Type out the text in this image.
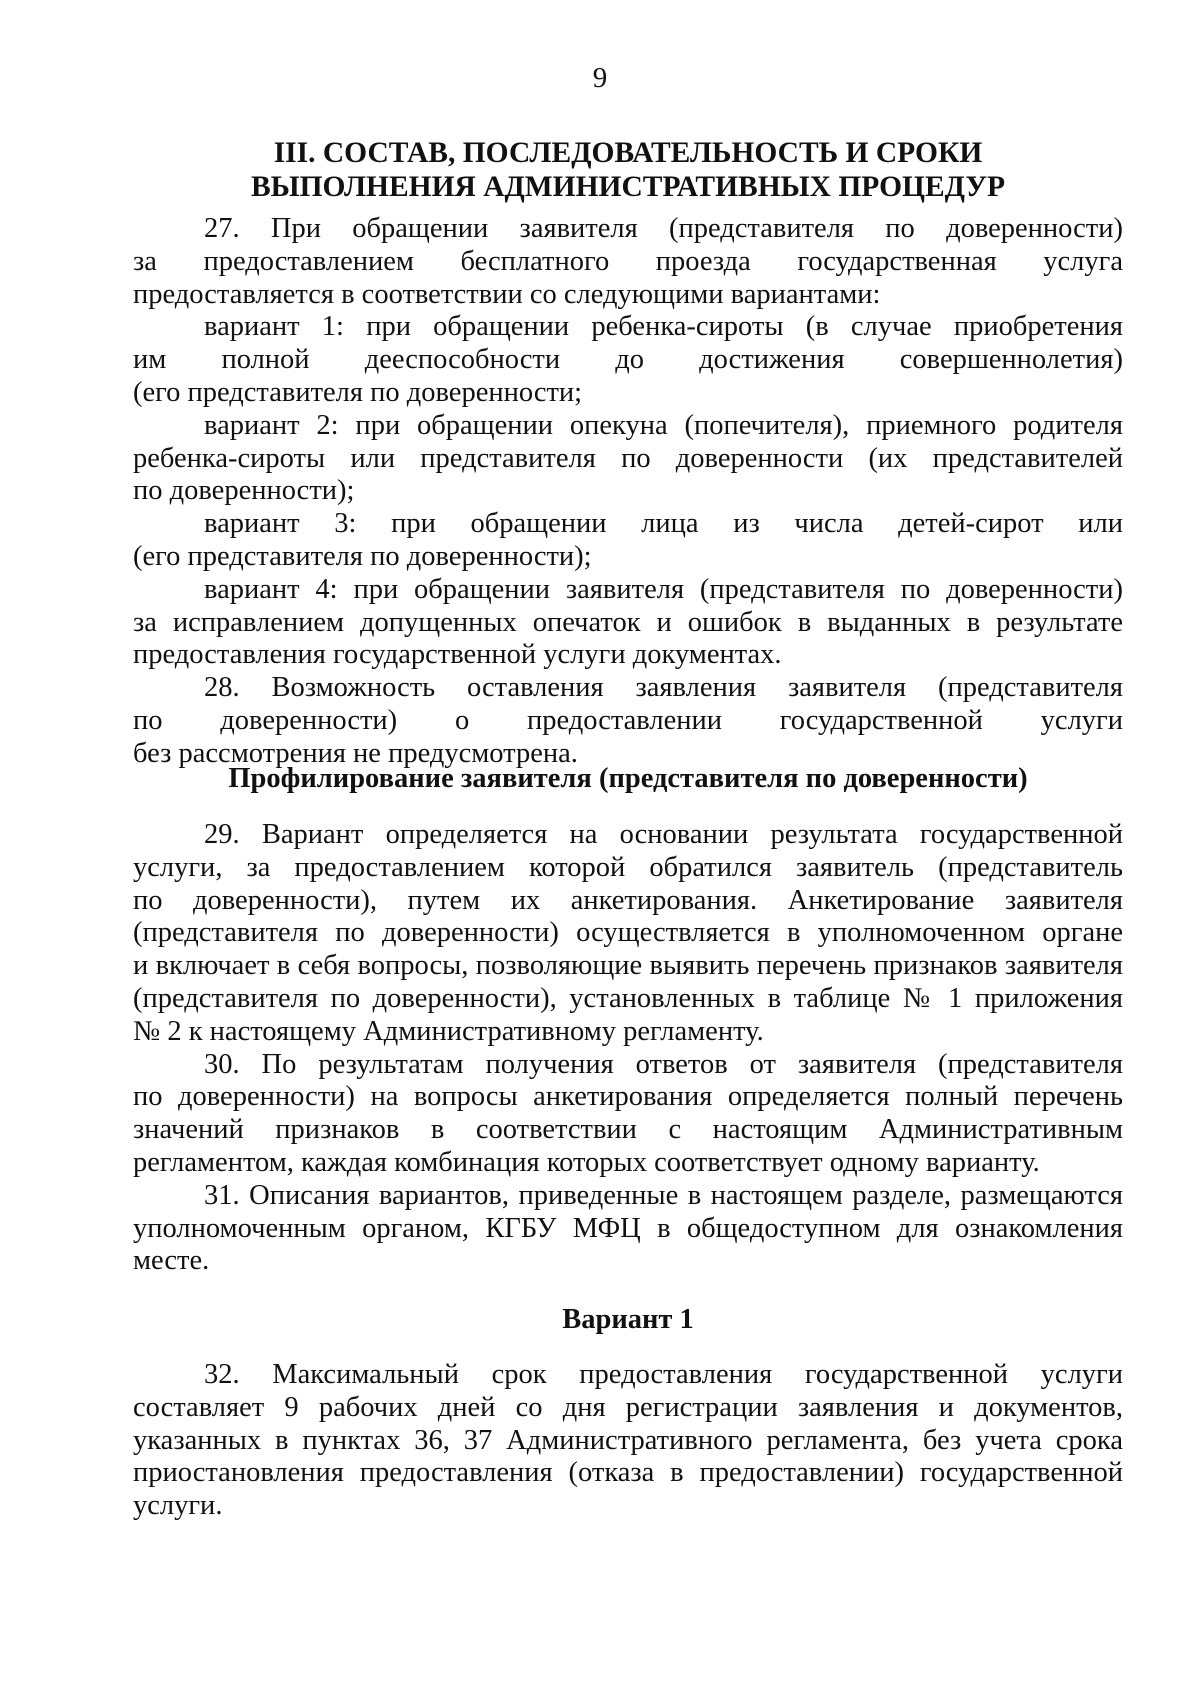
9
III. СОСТАВ, ПОСЛЕДОВАТЕЛЬНОСТЬ И СРОКИ
ВЫПОЛНЕНИЯ АДМИНИСТРАТИВНЫХ ПРОЦЕДУР
27. При обращении заявителя (представителя по доверенности)
за предоставлением бесплатного проезда государственная услуга
предоставляется в соответствии со следующими вариантами:
вариант 1: при обращении ребенка-сироты (в случае приобретения
им полной дееспособности до достижения совершеннолетия)
(его представителя по доверенности;
вариант 2: при обращении опекуна (попечителя), приемного родителя
ребенка-сироты или представителя по доверенности (их представителей
по доверенности);
вариант 3: при обращении лица из числа детей-сирот или
(его представителя по доверенности);
вариант 4: при обращении заявителя (представителя по доверенности)
за исправлением допущенных опечаток и ошибок в выданных в результате
предоставления государственной услуги документах.
28. Возможность оставления заявления заявителя (представителя
по доверенности) о предоставлении государственной услуги
без рассмотрения не предусмотрена.
Профилирование заявителя (представителя по доверенности)
29. Вариант определяется на основании результата государственной
услуги, за предоставлением которой обратился заявитель (представитель
по доверенности), путем их анкетирования. Анкетирование заявителя
(представителя по доверенности) осуществляется в уполномоченном органе
и включает в себя вопросы, позволяющие выявить перечень признаков заявителя
(представителя по доверенности), установленных в таблице № 1 приложения
№ 2 к настоящему Административному регламенту.
30. По результатам получения ответов от заявителя (представителя
по доверенности) на вопросы анкетирования определяется полный перечень
значений признаков в соответствии с настоящим Административным
регламентом, каждая комбинация которых соответствует одному варианту.
31. Описания вариантов, приведенные в настоящем разделе, размещаются
уполномоченным органом, КГБУ МФЦ в общедоступном для ознакомления
месте.
Вариант 1
32. Максимальный срок предоставления государственной услуги
составляет 9 рабочих дней со дня регистрации заявления и документов,
указанных в пунктах 36, 37 Административного регламента, без учета срока
приостановления предоставления (отказа в предоставлении) государственной
услуги.
